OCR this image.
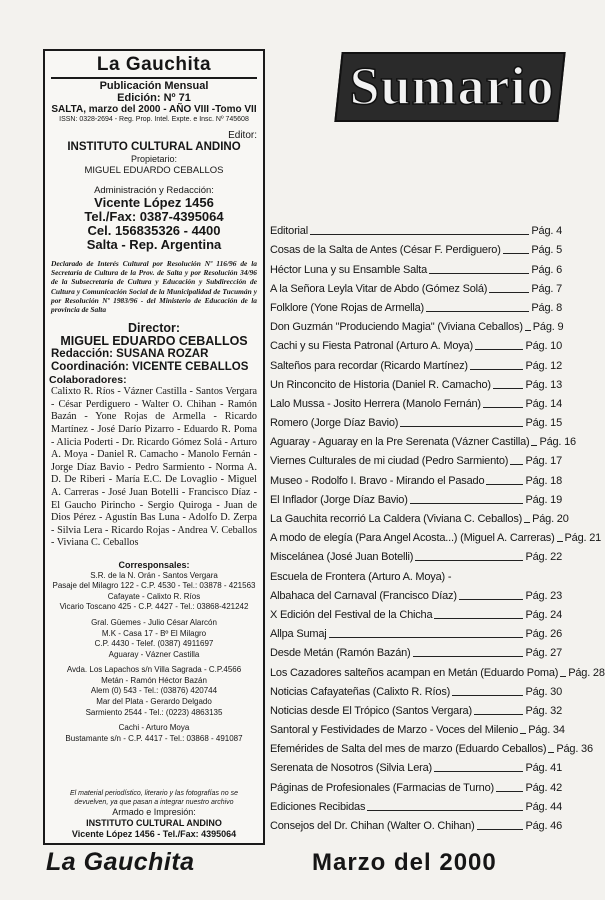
La Gauchita
Publicación Mensual
Edición: Nº 71
SALTA, marzo del 2000 - AÑO VIII -Tomo VII
ISSN: 0328-2694 - Reg. Prop. Intel. Expte. e Insc. Nº 745608
Editor:
INSTITUTO CULTURAL ANDINO
Propietario:
MIGUEL EDUARDO CEBALLOS
Administración y Redacción:
Vicente López 1456
Tel./Fax: 0387-4395064
Cel. 156835326 - 4400
Salta - Rep. Argentina
Declarado de Interés Cultural por Resolución Nº 116/96 de la Secretaría de Cultura de la Prov. de Salta y por Resolución 34/96 de la Subsecretaría de Cultura y Educación y Subdirección de Cultura y Comunicación Social de la Municipalidad de Tucumán y por Resolución Nº 1983/96 - del Ministerio de Educación de la provincia de Salta
Director:
MIGUEL EDUARDO CEBALLOS
Redacción: SUSANA ROZAR
Coordinación: VICENTE CEBALLOS
Colaboradores:
Calixto R. Ríos - Vázner Castilla - Santos Vergara - César Perdiguero - Walter O. Chihan - Ramón Bazán - Yone Rojas de Armella - Ricardo Martínez - José Darío Pizarro - Eduardo R. Poma - Alicia Poderti - Dr. Ricardo Gómez Solá - Arturo A. Moya - Daniel R. Camacho - Manolo Fernán - Jorge Díaz Bavio - Pedro Sarmiento - Norma A. D. De Riberi - María E.C. De Lovaglio - Miguel A. Carreras - José Juan Botelli - Francisco Díaz - El Gaucho Pirincho - Sergio Quiroga - Juan de Dios Pérez - Agustín Bas Luna - Adolfo D. Zerpa - Silvia Lera - Ricardo Rojas - Andrea V. Ceballos - Viviana C. Ceballos
Corresponsales:
S.R. de la N. Orán - Santos Vergara
Pasaje del Milagro 122 - C.P. 4530 - Tel.: 03878 - 421563
Cafayate - Calixto R. Ríos
Vicario Toscano 425 - C.P. 4427 - Tel.: 03868-421242
Gral. Güemes - Julio César Alarcón
M.K - Casa 17 - Bº El Milagro
C.P. 4430 - Telef. (0387) 4911697
Aguaray - Vázner Castilla
Avda. Los Lapachos s/n Villa Sagrada - C.P.4566
Metán - Ramón Héctor Bazán
Alem (0) 543 - Tel.: (03876) 420744
Mar del Plata - Gerardo Delgado
Sarmiento 2544 - Tel.: (0223) 4863135
Cachi - Arturo Moya
Bustamante s/n - C.P. 4417 - Tel.: 03868 - 491087
El material periodístico, literario y las fotografías no se devuelven, ya que pasan a integrar nuestro archivo
Armado e Impresión:
INSTITUTO CULTURAL ANDINO
Vicente López 1456 - Tel./Fax: 4395064
Sumario
Editorial	Pág. 4
Cosas de la Salta de Antes (César F. Perdiguero)	Pág. 5
Héctor Luna y su Ensamble Salta	Pág. 6
A la Señora Leyla Vitar de Abdo (Gómez Solá)	Pág. 7
Folklore (Yone Rojas de Armella)	Pág. 8
Don Guzmán "Produciendo Magia" (Viviana Ceballos) Pág. 9
Cachi y su Fiesta Patronal (Arturo A. Moya)	Pág. 10
Salteños para recordar (Ricardo Martínez)	Pág. 12
Un Rinconcito de Historia (Daniel R. Camacho)	Pág. 13
Lalo Mussa - Josito Herrera (Manolo Fernán)	Pág. 14
Romero (Jorge Díaz Bavio)	Pág. 15
Aguaray - Aguaray en la Pre Serenata (Vázner Castilla) Pág. 16
Viernes Culturales de mi ciudad (Pedro Sarmiento) Pág. 17
Museo - Rodolfo I. Bravo - Mirando el Pasado	Pág. 18
El Inflador (Jorge Díaz Bavio)	Pág. 19
La Gauchita recorrió La Caldera (Viviana C. Ceballos) Pág. 20
A modo de elegía (Para Angel Acosta...) (Miguel A. Carreras) Pág. 21
Miscelánea (José Juan Botelli)	Pág. 22
Escuela de Frontera (Arturo A. Moya) -
Albahaca del Carnaval (Francisco Díaz)	Pág. 23
X Edición del Festival de la Chicha	Pág. 24
Allpa Sumaj	Pág. 26
Desde Metán (Ramón Bazán)	Pág. 27
Los Cazadores salteños acampan en Metán (Eduardo Poma) Pág. 28
Noticias Cafayateñas (Calixto R. Ríos)	Pág. 30
Noticias desde El Trópico (Santos Vergara)	Pág. 32
Santoral y Festividades de Marzo - Voces del Milenio Pág. 34
Efemérides de Salta del mes de marzo (Eduardo Ceballos) Pág. 36
Serenata de Nosotros (Silvia Lera)	Pág. 41
Páginas de Profesionales (Farmacias de Turno)	Pág. 42
Ediciones Recibidas	Pág. 44
Consejos del Dr. Chihan (Walter O. Chihan)	Pág. 46
La Gauchita	Marzo del 2000
